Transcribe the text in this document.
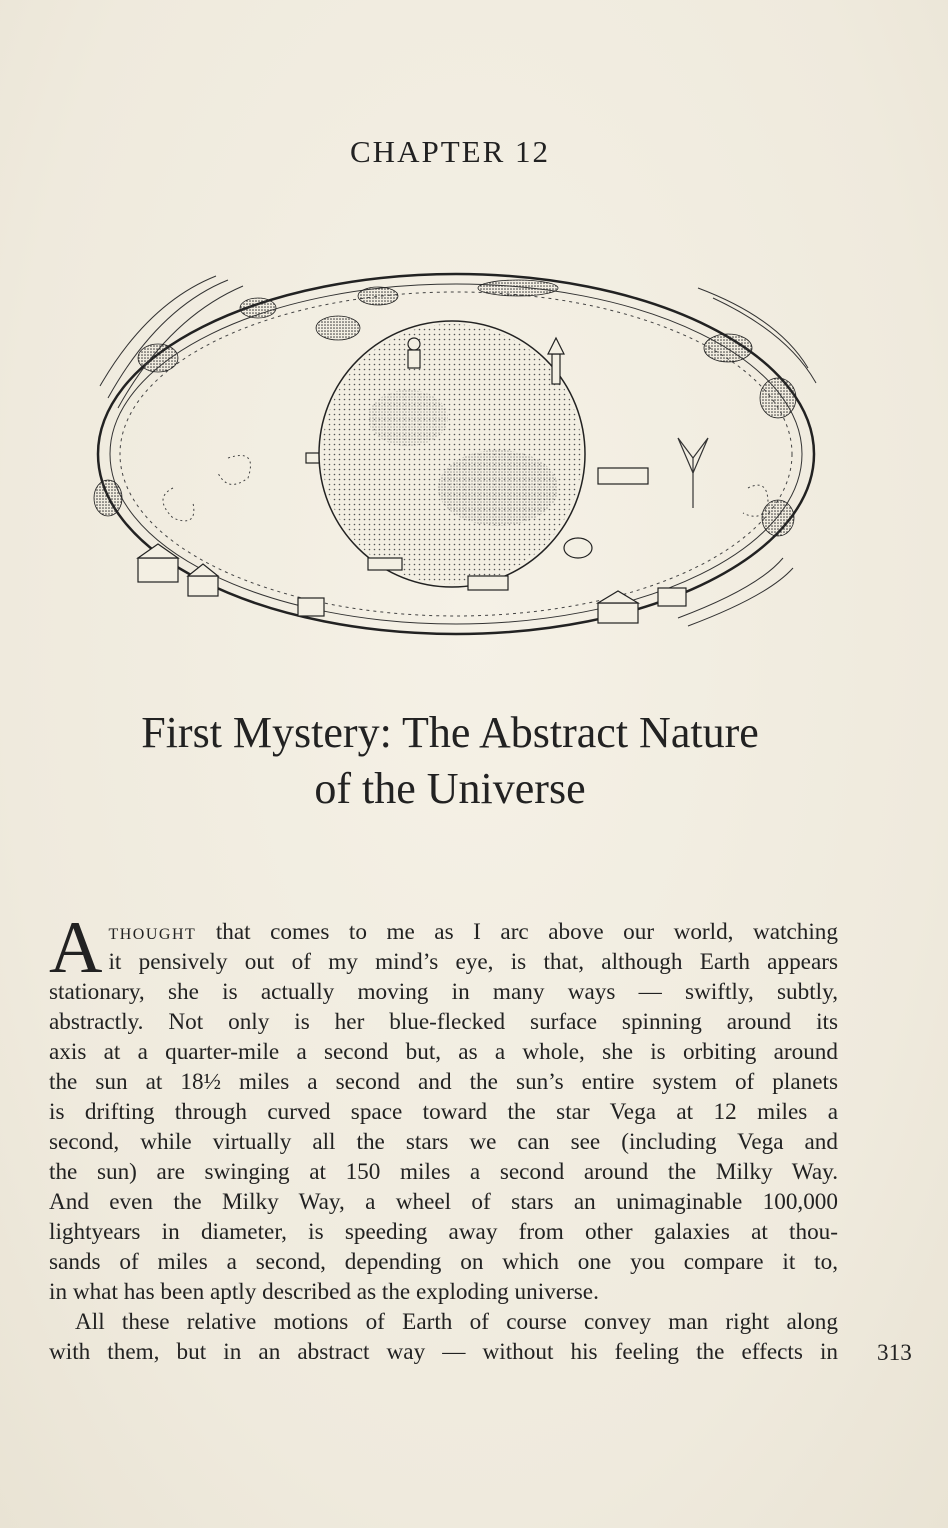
CHAPTER 12
First Mystery: The Abstract Nature
of the Universe

A thought that comes to me as I arc above our world, watching
it pensively out of my mind’s eye, is that, although Earth appears
stationary, she is actually moving in many ways — swiftly, subtly,
abstractly. Not only is her blue-flecked surface spinning around its
axis at a quarter-mile a second but, as a whole, she is orbiting around
the sun at 18½ miles a second and the sun’s entire system of planets
is drifting through curved space toward the star Vega at 12 miles a
second, while virtually all the stars we can see (including Vega and
the sun) are swinging at 150 miles a second around the Milky Way.
And even the Milky Way, a wheel of stars an unimaginable 100,000
lightyears in diameter, is speeding away from other galaxies at thou-
sands of miles a second, depending on which one you compare it to,
in what has been aptly described as the exploding universe.

All these relative motions of Earth of course convey man right along
with them, but in an abstract way — without his feeling the effects in 313
